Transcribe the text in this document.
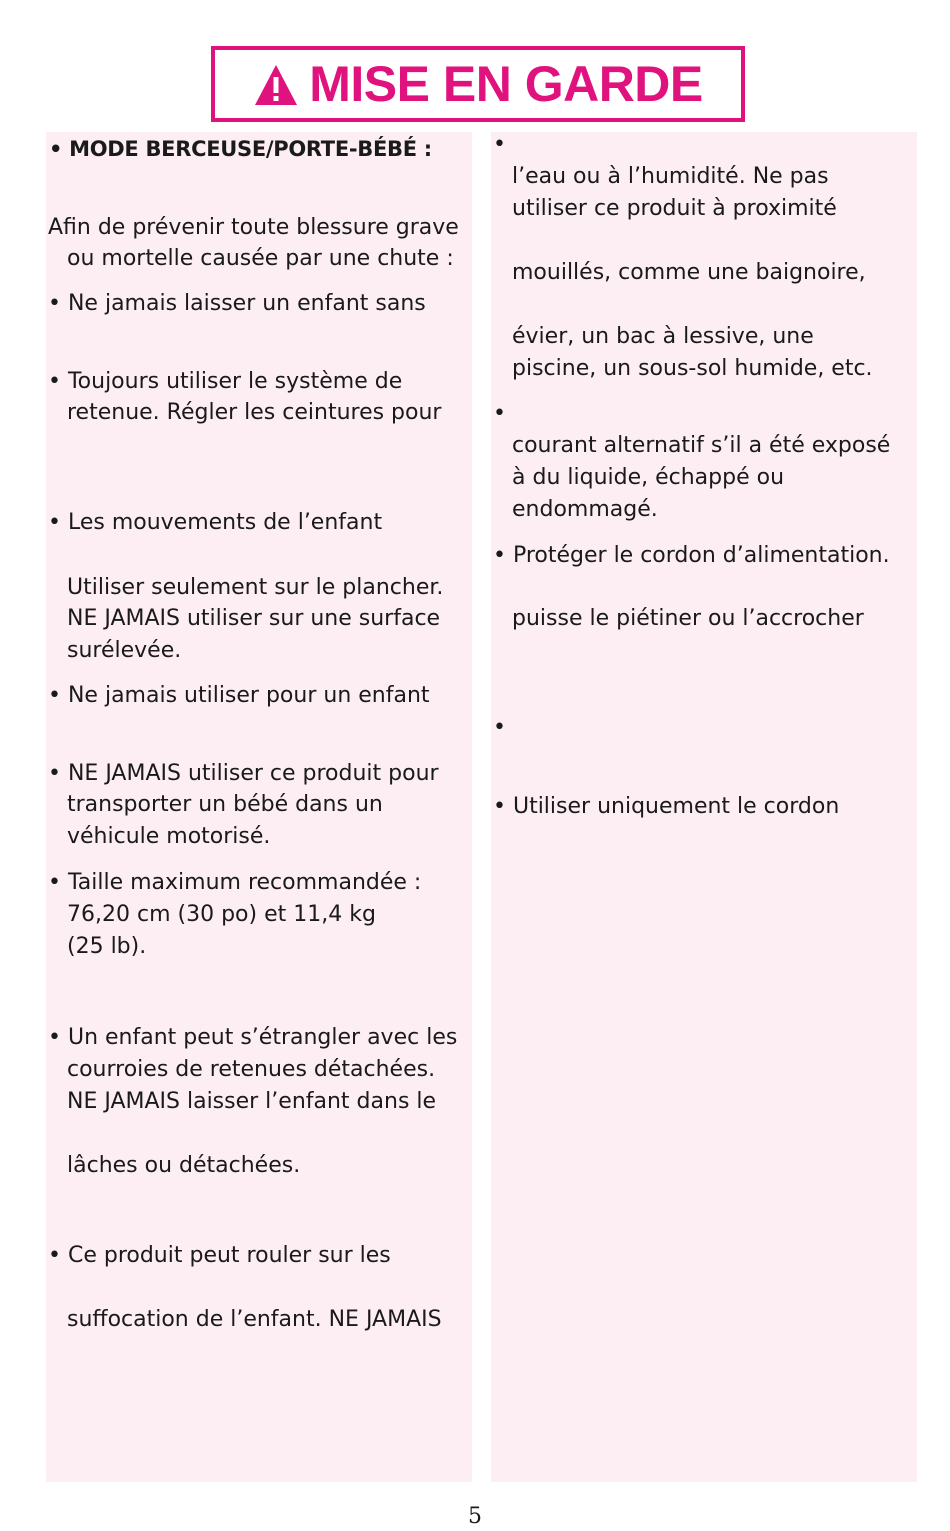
MISE EN GARDE
• MODE BERCEUSE/PORTE-BÉBÉ :
Afin de prévenir toute blessure grave
ou mortelle causée par une chute :
• Ne jamais laisser un enfant sans
• Toujours utiliser le système de
retenue. Régler les ceintures pour
• Les mouvements de l’enfant
Utiliser seulement sur le plancher.
NE JAMAIS utiliser sur une surface
surélevée.
• Ne jamais utiliser pour un enfant
• NE JAMAIS utiliser ce produit pour
transporter un bébé dans un
véhicule motorisé.
• Taille maximum recommandée :
76,20 cm (30 po) et 11,4 kg
(25 lb).
• Un enfant peut s’étrangler avec les
courroies de retenues détachées.
NE JAMAIS laisser l’enfant dans le
lâches ou détachées.
• Ce produit peut rouler sur les
suffocation de l’enfant. NE JAMAIS
•
l’eau ou à l’humidité. Ne pas
utiliser ce produit à proximité
mouillés, comme une baignoire,
évier, un bac à lessive, une
piscine, un sous-sol humide, etc.
•
courant alternatif s’il a été exposé
à du liquide, échappé ou
endommagé.
• Protéger le cordon d’alimentation.
puisse le piétiner ou l’accrocher
•
• Utiliser uniquement le cordon
5
